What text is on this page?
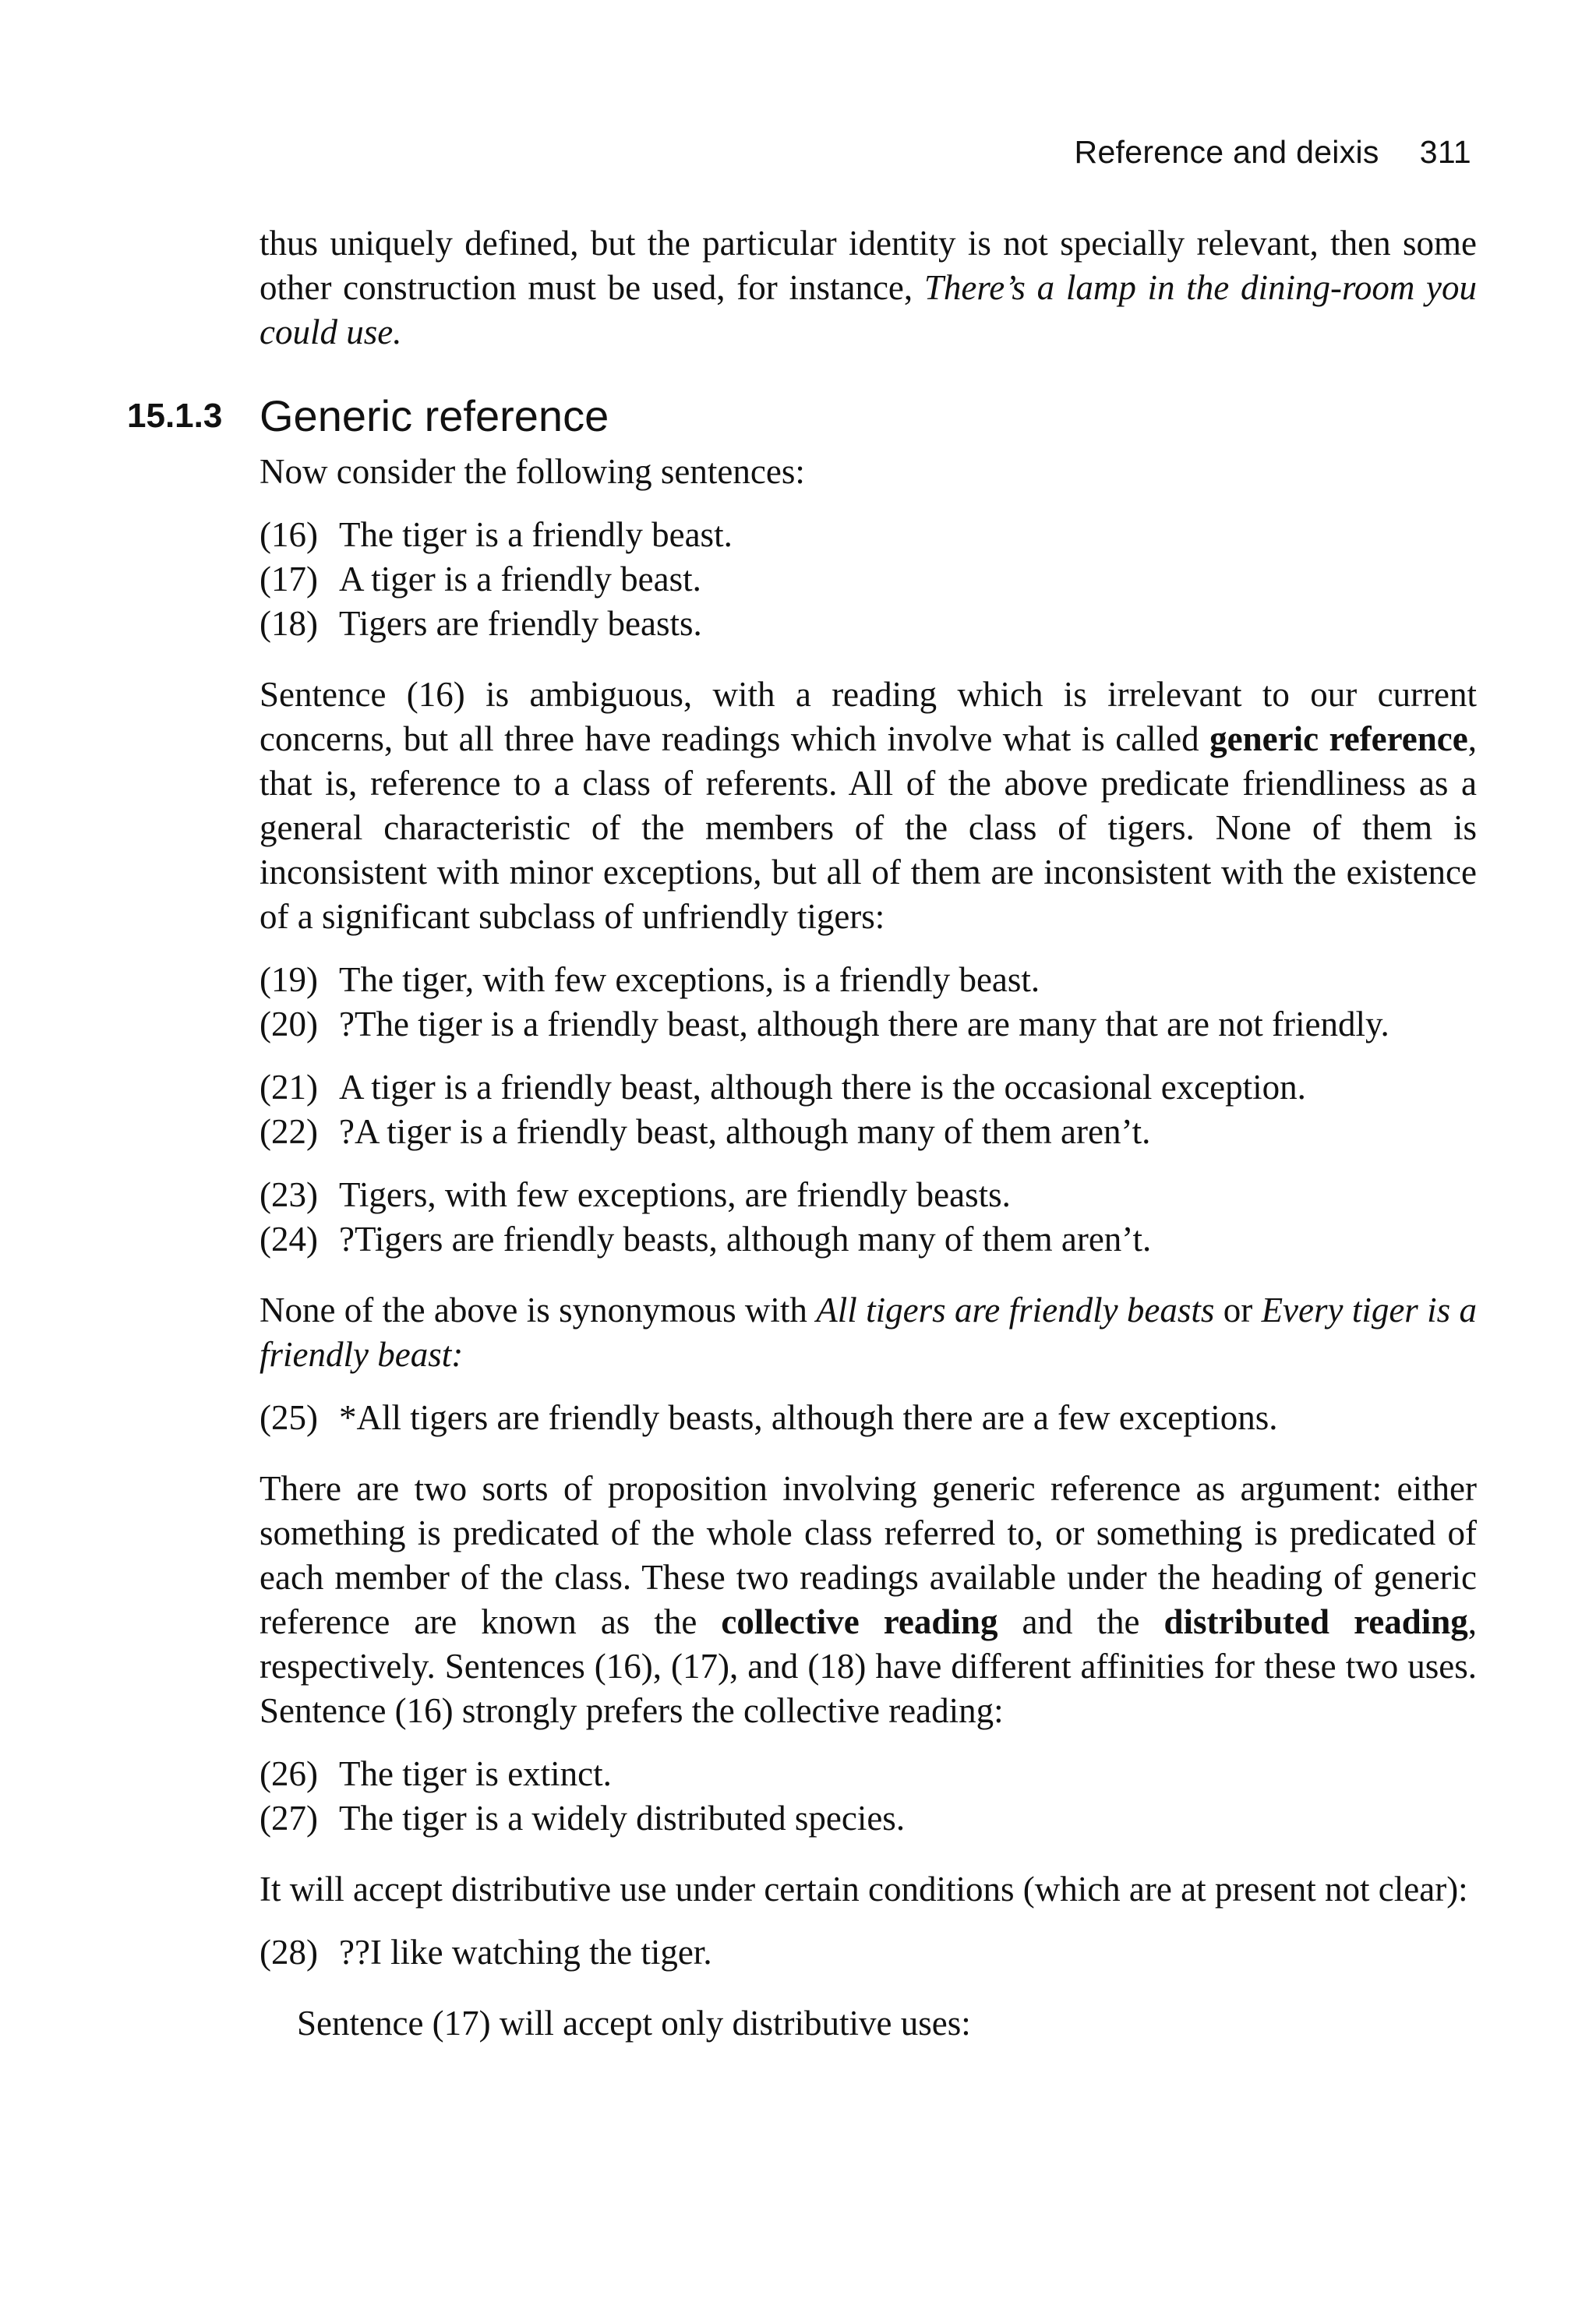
Reference and deixis 311

thus uniquely defined, but the particular identity is not specially relevant, then some other construction must be used, for instance, There’s a lamp in the dining-room you could use.

15.1.3 Generic reference

Now consider the following sentences:

(16) The tiger is a friendly beast.
(17) A tiger is a friendly beast.
(18) Tigers are friendly beasts.

Sentence (16) is ambiguous, with a reading which is irrelevant to our current concerns, but all three have readings which involve what is called generic reference, that is, reference to a class of referents. All of the above predicate friendliness as a general characteristic of the members of the class of tigers. None of them is inconsistent with minor exceptions, but all of them are inconsistent with the existence of a significant subclass of unfriendly tigers:

(19) The tiger, with few exceptions, is a friendly beast.
(20) ?The tiger is a friendly beast, although there are many that are not friendly.
(21) A tiger is a friendly beast, although there is the occasional exception.
(22) ?A tiger is a friendly beast, although many of them aren’t.
(23) Tigers, with few exceptions, are friendly beasts.
(24) ?Tigers are friendly beasts, although many of them aren’t.

None of the above is synonymous with All tigers are friendly beasts or Every tiger is a friendly beast:

(25) *All tigers are friendly beasts, although there are a few exceptions.

There are two sorts of proposition involving generic reference as argument: either something is predicated of the whole class referred to, or something is predicated of each member of the class. These two readings available under the heading of generic reference are known as the collective reading and the distributed reading, respectively. Sentences (16), (17), and (18) have different affinities for these two uses. Sentence (16) strongly prefers the collective reading:

(26) The tiger is extinct.
(27) The tiger is a widely distributed species.

It will accept distributive use under certain conditions (which are at present not clear):

(28) ??I like watching the tiger.

Sentence (17) will accept only distributive uses:
